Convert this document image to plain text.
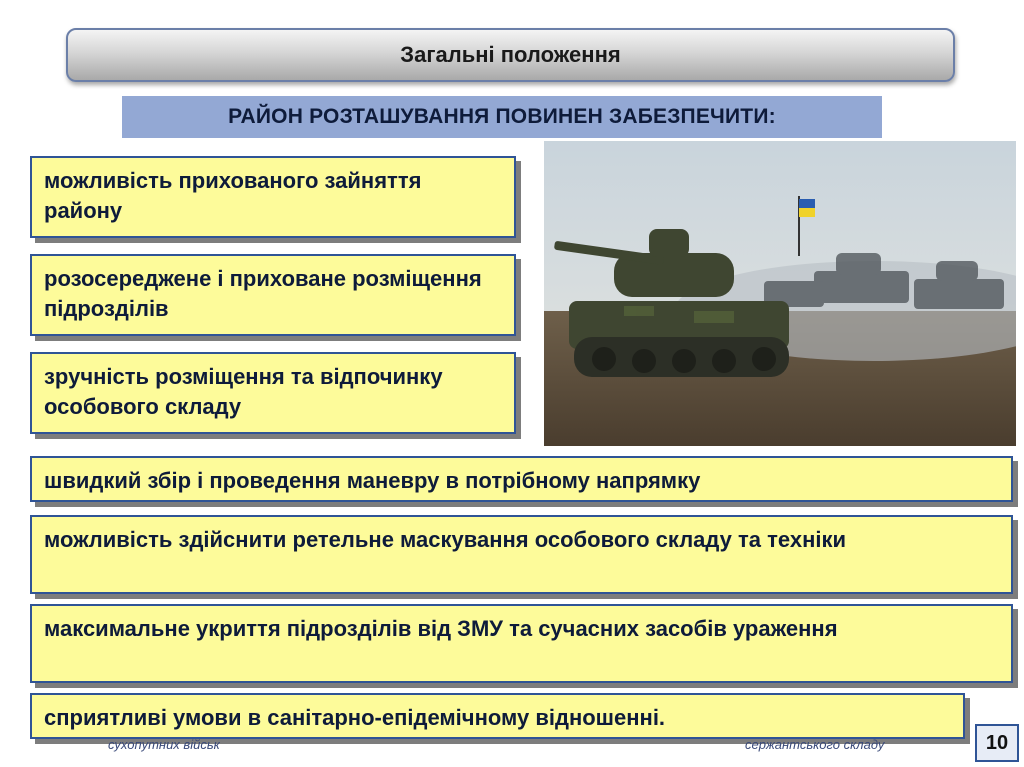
Загальні положення
РАЙОН РОЗТАШУВАННЯ ПОВИНЕН ЗАБЕЗПЕЧИТИ:
можливість прихованого зайняття району
розосереджене і приховане розміщення підрозділів
зручність розміщення та відпочинку особового складу
швидкий збір і проведення маневру в потрібному напрямку
можливість здійснити ретельне маскування особового складу та техніки
максимальне укриття підрозділів від ЗМУ та сучасних засобів ураження
сприятливі умови в санітарно-епідемічному відношенні.
сухопутних військ	сержантського складу	10
